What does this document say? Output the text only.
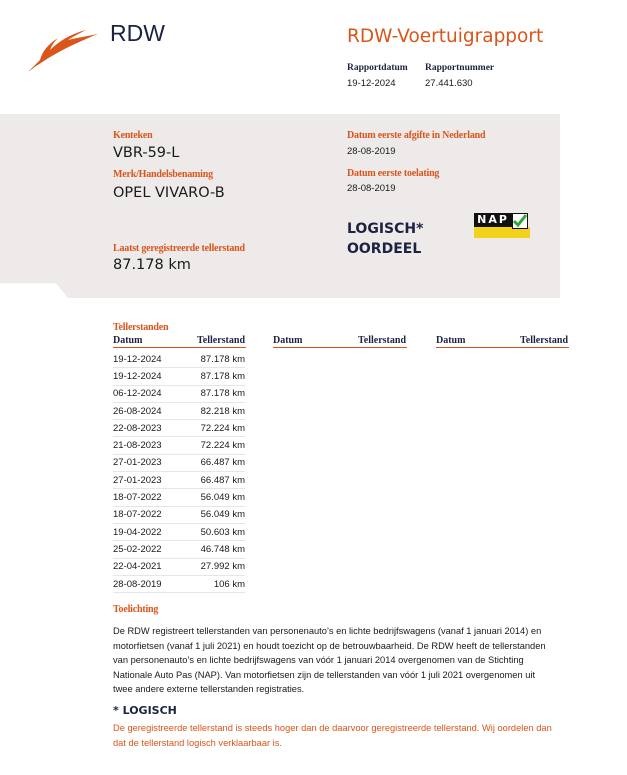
RDW	RDW-Voertuigrapport
Rapportdatum Rapportnummer
19-12-2024	27.441.630
Kenteken
VBR-59-L
Merk/Handelsbenaming
OPEL VIVARO-B
Laatst geregistreerde tellerstand
87.178 km
Datum eerste afgifte in Nederland
28-08-2019
Datum eerste toelating
28-08-2019
LOGISCH*
OORDEEL
NAP
Tellerstanden
Datum	Tellerstand	Datum	Tellerstand	Datum	Tellerstand
19-12-2024	87.178 km
19-12-2024	87.178 km
06-12-2024	87.178 km
26-08-2024	82.218 km
22-08-2023	72.224 km
21-08-2023	72.224 km
27-01-2023	66.487 km
27-01-2023	66.487 km
18-07-2022	56.049 km
18-07-2022	56.049 km
19-04-2022	50.603 km
25-02-2022	46.748 km
22-04-2021	27.992 km
28-08-2019	106 km
Toelichting
De RDW registreert tellerstanden van personenauto’s en lichte bedrijfswagens (vanaf 1 januari 2014) en
motorfietsen (vanaf 1 juli 2021) en houdt toezicht op de betrouwbaarheid. De RDW heeft de tellerstanden
van personenauto’s en lichte bedrijfswagens van vóór 1 januari 2014 overgenomen van de Stichting
Nationale Auto Pas (NAP). Van motorfietsen zijn de tellerstanden van vóór 1 juli 2021 overgenomen uit
twee andere externe tellerstanden registraties.
* LOGISCH
De geregistreerde tellerstand is steeds hoger dan de daarvoor geregistreerde tellerstand. Wij oordelen dan
dat de tellerstand logisch verklaarbaar is.
